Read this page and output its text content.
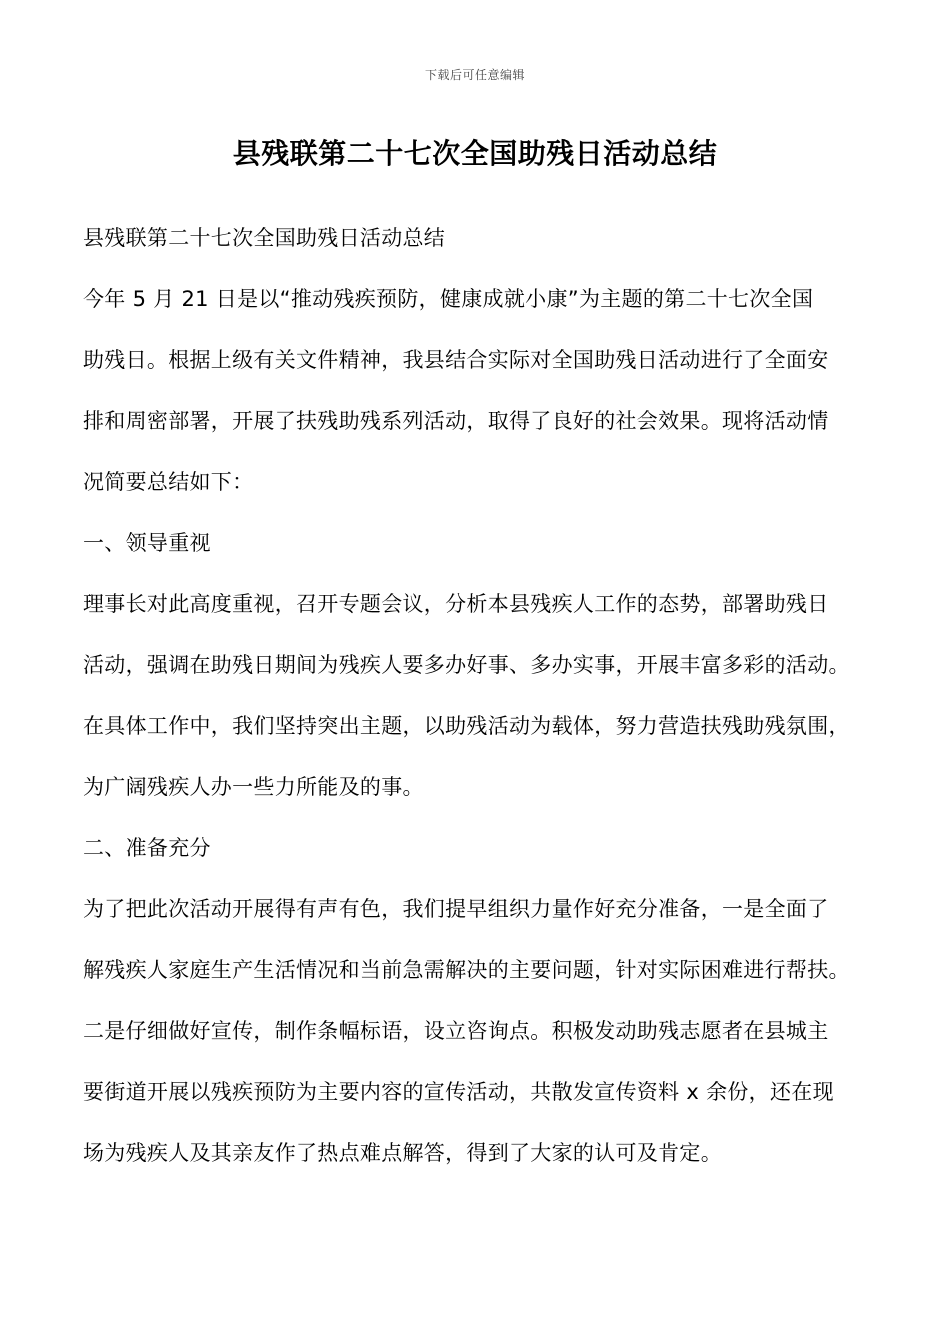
下载后可任意编辑
县残联第二十七次全国助残日活动总结
县残联第二十七次全国助残日活动总结
今年 5 月 21 日是以“推动残疾预防，健康成就小康”为主题的第二十七次全国
助残日。根据上级有关文件精神，我县结合实际对全国助残日活动进行了全面安
排和周密部署，开展了扶残助残系列活动，取得了良好的社会效果。现将活动情
况简要总结如下：
一、领导重视
理事长对此高度重视，召开专题会议，分析本县残疾人工作的态势，部署助残日
活动，强调在助残日期间为残疾人要多办好事、多办实事，开展丰富多彩的活动。
在具体工作中，我们坚持突出主题，以助残活动为载体，努力营造扶残助残氛围，
为广阔残疾人办一些力所能及的事。
二、准备充分
为了把此次活动开展得有声有色，我们提早组织力量作好充分准备，一是全面了
解残疾人家庭生产生活情况和当前急需解决的主要问题，针对实际困难进行帮扶。
二是仔细做好宣传，制作条幅标语，设立咨询点。积极发动助残志愿者在县城主
要街道开展以残疾预防为主要内容的宣传活动，共散发宣传资料 x 余份，还在现
场为残疾人及其亲友作了热点难点解答，得到了大家的认可及肯定。
